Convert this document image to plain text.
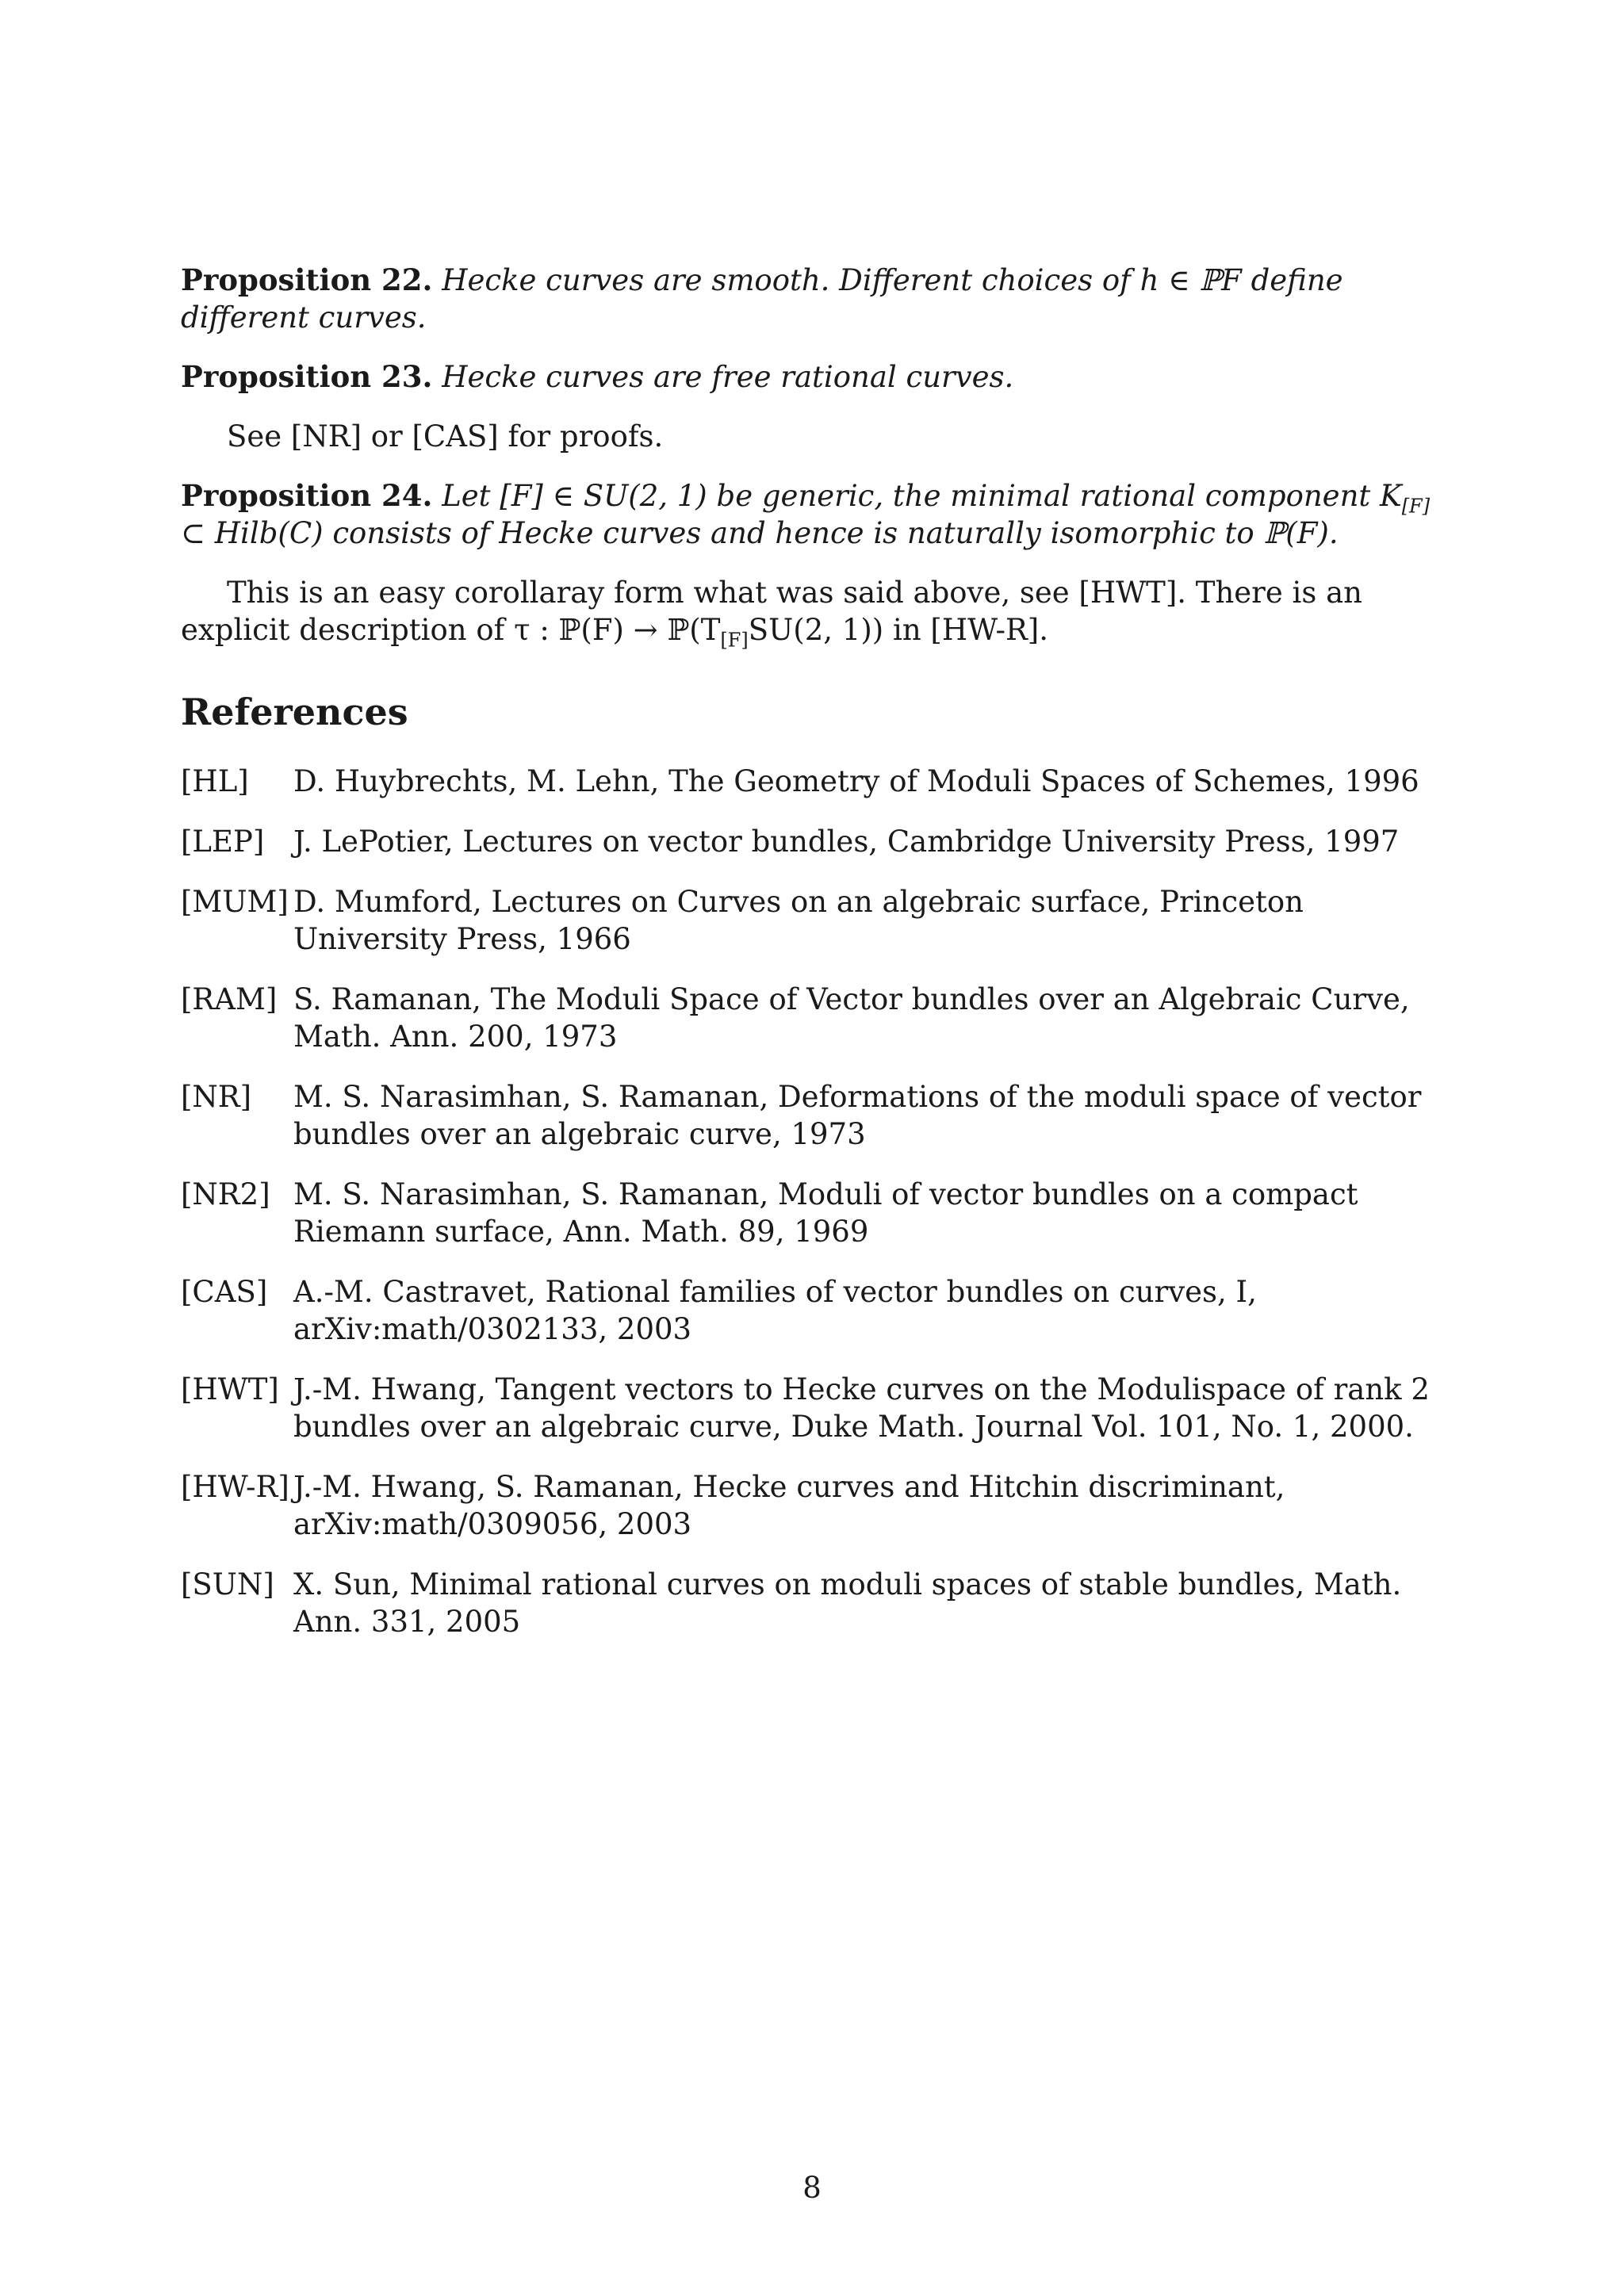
Proposition 22. Hecke curves are smooth. Different choices of h ∈ ℙF define different curves.

Proposition 23. Hecke curves are free rational curves.

See [NR] or [CAS] for proofs.

Proposition 24. Let [F] ∈ SU(2, 1) be generic, the minimal rational component $K_{[F]}$ ⊂ Hilb(C) consists of Hecke curves and hence is naturally isomorphic to ℙ(F).

This is an easy corollaray form what was said above, see [HWT]. There is an explicit description of τ : ℙ(F) → $ℙ(T_{[F]}SU(2$, 1)) in [HW-R].

References
[HL]	D. Huybrechts, M. Lehn, The Geometry of Moduli Spaces of Schemes, 1996
[LEP] J. LePotier, Lectures on vector bundles, Cambridge University Press, 1997
[MUM] D. Mumford, Lectures on Curves on an algebraic surface, Princeton University Press, 1966
[RAM] S. Ramanan, The Moduli Space of Vector bundles over an Algebraic Curve, Math. Ann. 200, 1973
[NR]	M. S. Narasimhan, S. Ramanan, Deformations of the moduli space of vector bundles over an algebraic curve, 1973
[NR2] M. S. Narasimhan, S. Ramanan, Moduli of vector bundles on a compact Riemann surface, Ann. Math. 89, 1969
[CAS] A.-M. Castravet, Rational families of vector bundles on curves, I, arXiv:math/0302133, 2003
[HWT] J.-M. Hwang, Tangent vectors to Hecke curves on the Modulispace of rank 2 bundles over an algebraic curve, Duke Math. Journal Vol. 101, No. 1, 2000.
[HW-R] J.-M. Hwang, S. Ramanan, Hecke curves and Hitchin discriminant, arXiv:math/0309056, 2003
[SUN] X. Sun, Minimal rational curves on moduli spaces of stable bundles, Math. Ann. 331, 2005
8
